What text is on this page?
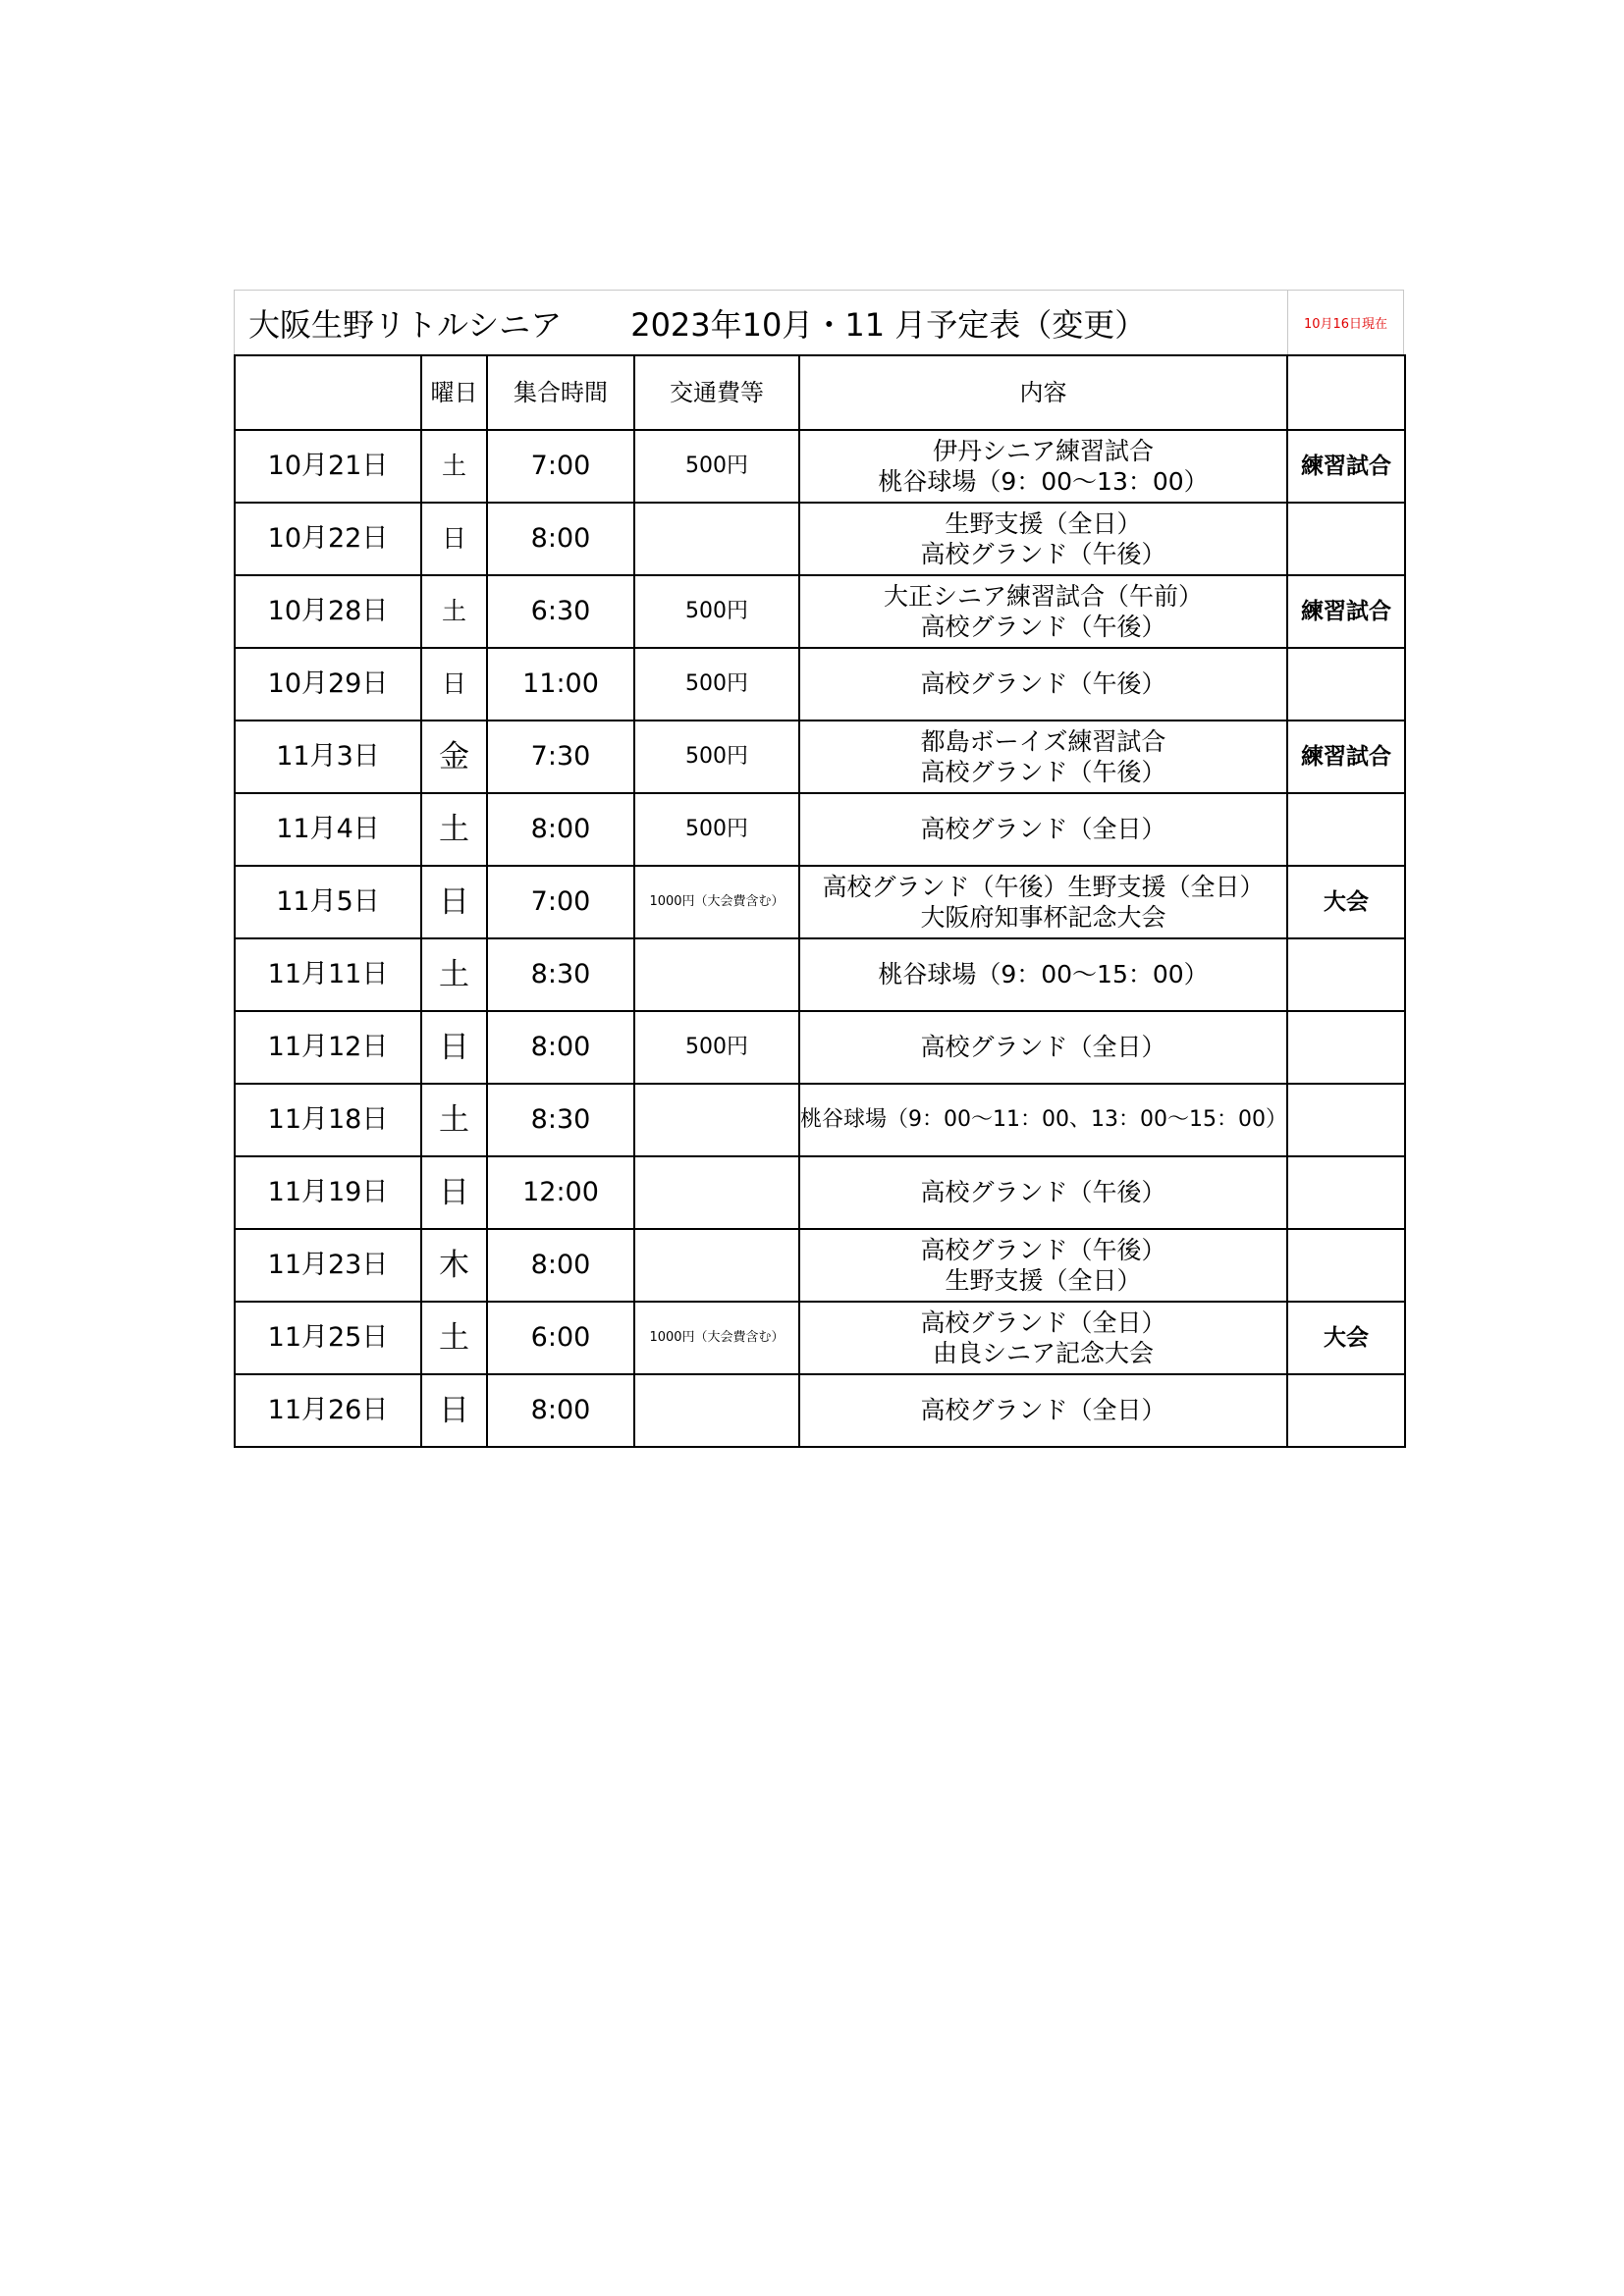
大阪生野リトルシニア 2023年10月・11 月予定表（変更）	10月16日現在
	曜日	集合時間	交通費等	内容	
10月21日	土	7:00	500円	伊丹シニア練習試合
桃谷球場（9：00〜13：00）	練習試合
10月22日	日	8:00		生野支援（全日）
高校グランド（午後）	

10月28日	土	6:30	500円	大正シニア練習試合（午前）
高校グランド（午後）	練習試合
10月29日	日	11:00	500円	高校グランド（午後）	

11月3日	金	7:30	500円	都島ボーイズ練習試合
高校グランド（午後）	練習試合
11月4日	土	8:00	500円	高校グランド（全日）	

11月5日	日	7:00	1000円（大会費含む）	高校グランド（午後）生野支援（全日）
大阪府知事杯記念大会	大会
11月11日	土	8:30		桃谷球場（9：00〜15：00）	

11月12日	日	8:00	500円	高校グランド（全日）	

11月18日	土	8:30		桃谷球場（9：00〜11：00、13：00〜15：00）	

11月19日	日	12:00		高校グランド（午後）	

11月23日	木	8:00		高校グランド（午後）
生野支援（全日）	

11月25日	土	6:00	1000円（大会費含む）	高校グランド（全日）
由良シニア記念大会	大会
11月26日	日	8:00		高校グランド（全日）	
